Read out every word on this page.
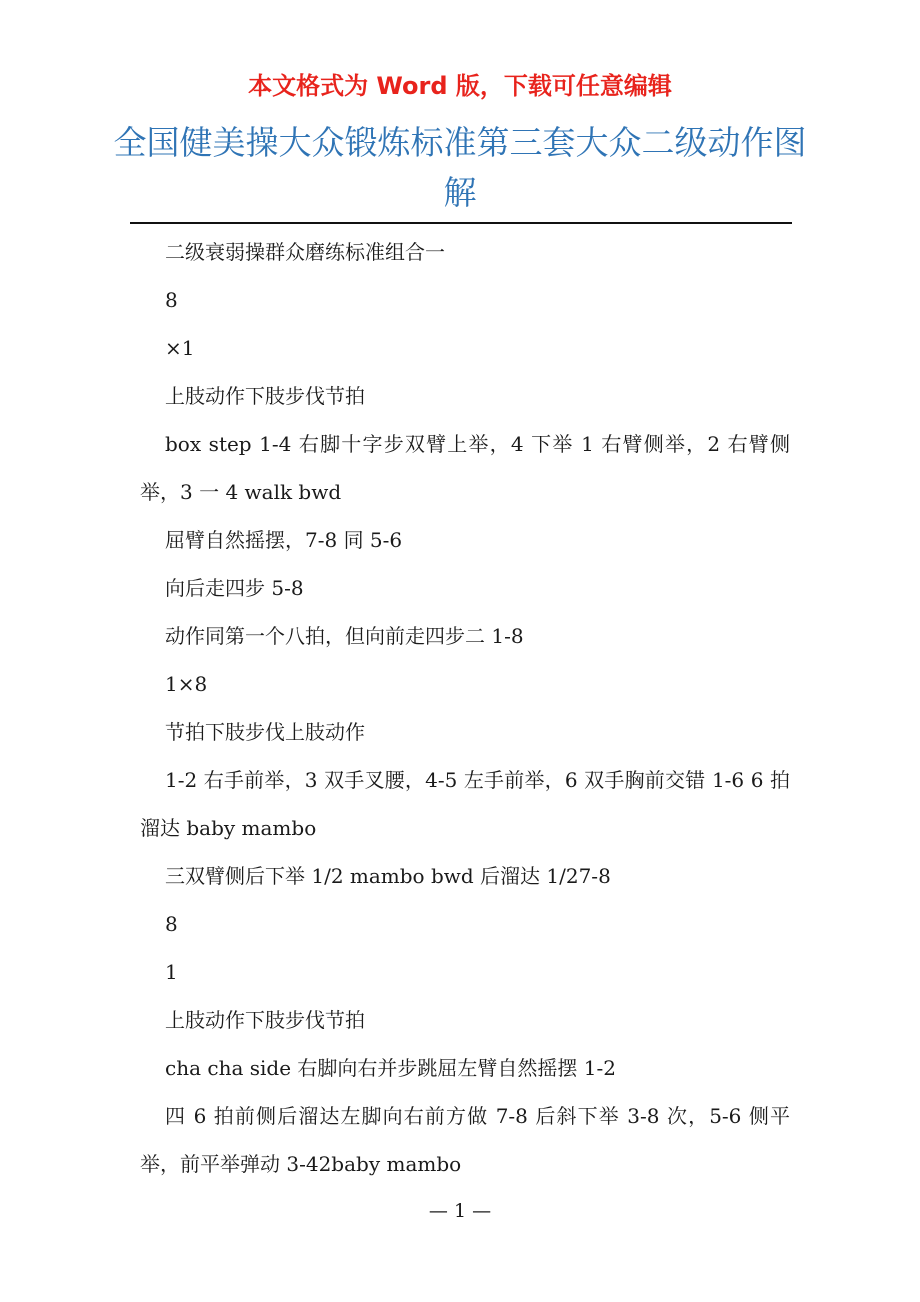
本文格式为 Word 版，下载可任意编辑
全国健美操大众锻炼标准第三套大众二级动作图解

二级衰弱操群众磨练标准组合一

8

×1

上肢动作下肢步伐节拍

box step 1-4 右脚十字步双臂上举，4 下举 1 右臂侧举，2 右臂侧举，3 一 4 walk bwd

屈臂自然摇摆，7-8 同 5-6

向后走四步 5-8

动作同第一个八拍，但向前走四步二 1-8

1×8

节拍下肢步伐上肢动作

1-2 右手前举，3 双手叉腰，4-5 左手前举，6 双手胸前交错 1-6 6 拍溜达 baby mambo

三双臂侧后下举 1/2 mambo bwd 后溜达 1/27-8

8

1

上肢动作下肢步伐节拍

cha cha side 右脚向右并步跳屈左臂自然摇摆 1-2

四 6 拍前侧后溜达左脚向右前方做 7-8 后斜下举 3-8 次，5-6 侧平举，前平举弹动 3-42baby mambo

— 1 —
